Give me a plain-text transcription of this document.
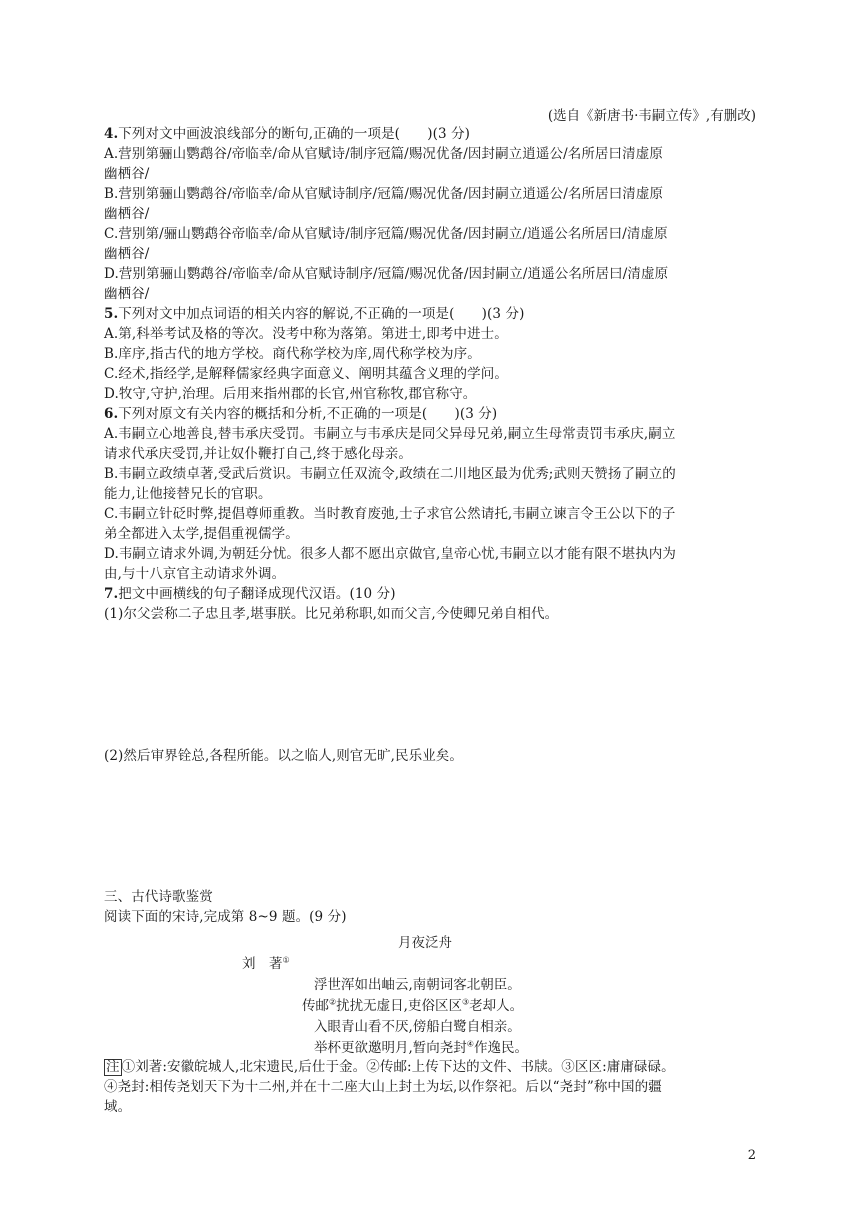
(选自《新唐书·韦嗣立传》,有删改)
4.下列对文中画波浪线部分的断句,正确的一项是(　　)(3 分)
A.营别第骊山鹦鹉谷/帝临幸/命从官赋诗/制序冠篇/赐况优备/因封嗣立逍遥公/名所居曰清虚原
幽栖谷/
B.营别第骊山鹦鹉谷/帝临幸/命从官赋诗制序/冠篇/赐况优备/因封嗣立逍遥公/名所居曰清虚原
幽栖谷/
C.营别第/骊山鹦鹉谷帝临幸/命从官赋诗/制序冠篇/赐况优备/因封嗣立/逍遥公名所居曰/清虚原
幽栖谷/
D.营别第骊山鹦鹉谷/帝临幸/命从官赋诗制序/冠篇/赐况优备/因封嗣立/逍遥公名所居曰/清虚原
幽栖谷/
5.下列对文中加点词语的相关内容的解说,不正确的一项是(　　)(3 分)
A.第,科举考试及格的等次。没考中称为落第。第进士,即考中进士。
B.庠序,指古代的地方学校。商代称学校为庠,周代称学校为序。
C.经术,指经学,是解释儒家经典字面意义、阐明其蕴含义理的学问。
D.牧守,守护,治理。后用来指州郡的长官,州官称牧,郡官称守。
6.下列对原文有关内容的概括和分析,不正确的一项是(　　)(3 分)
A.韦嗣立心地善良,替韦承庆受罚。韦嗣立与韦承庆是同父异母兄弟,嗣立生母常责罚韦承庆,嗣立
请求代承庆受罚,并让奴仆鞭打自己,终于感化母亲。
B.韦嗣立政绩卓著,受武后赏识。韦嗣立任双流令,政绩在二川地区最为优秀;武则天赞扬了嗣立的
能力,让他接替兄长的官职。
C.韦嗣立针砭时弊,提倡尊师重教。当时教育废弛,士子求官公然请托,韦嗣立谏言令王公以下的子
弟全都进入太学,提倡重视儒学。
D.韦嗣立请求外调,为朝廷分忧。很多人都不愿出京做官,皇帝心忧,韦嗣立以才能有限不堪执内为
由,与十八京官主动请求外调。
7.把文中画横线的句子翻译成现代汉语。(10 分)
(1)尔父尝称二子忠且孝,堪事朕。比兄弟称职,如而父言,今使卿兄弟自相代。
(2)然后审界铨总,各程所能。以之临人,则官无旷,民乐业矣。
三、古代诗歌鉴赏
阅读下面的宋诗,完成第 8~9 题。(9 分)
月夜泛舟
刘　著①
浮世浑如出岫云,南朝词客北朝臣。
传邮②扰扰无虚日,吏俗区区③老却人。
入眼青山看不厌,傍船白鹭自相亲。
举杯更欲邀明月,暂向尧封④作逸民。
注 ①刘著:安徽皖城人,北宋遗民,后仕于金。②传邮:上传下达的文件、书牍。③区区:庸庸碌碌。
④尧封:相传尧划天下为十二州,并在十二座大山上封土为坛,以作祭祀。后以“尧封”称中国的疆
域。
2
